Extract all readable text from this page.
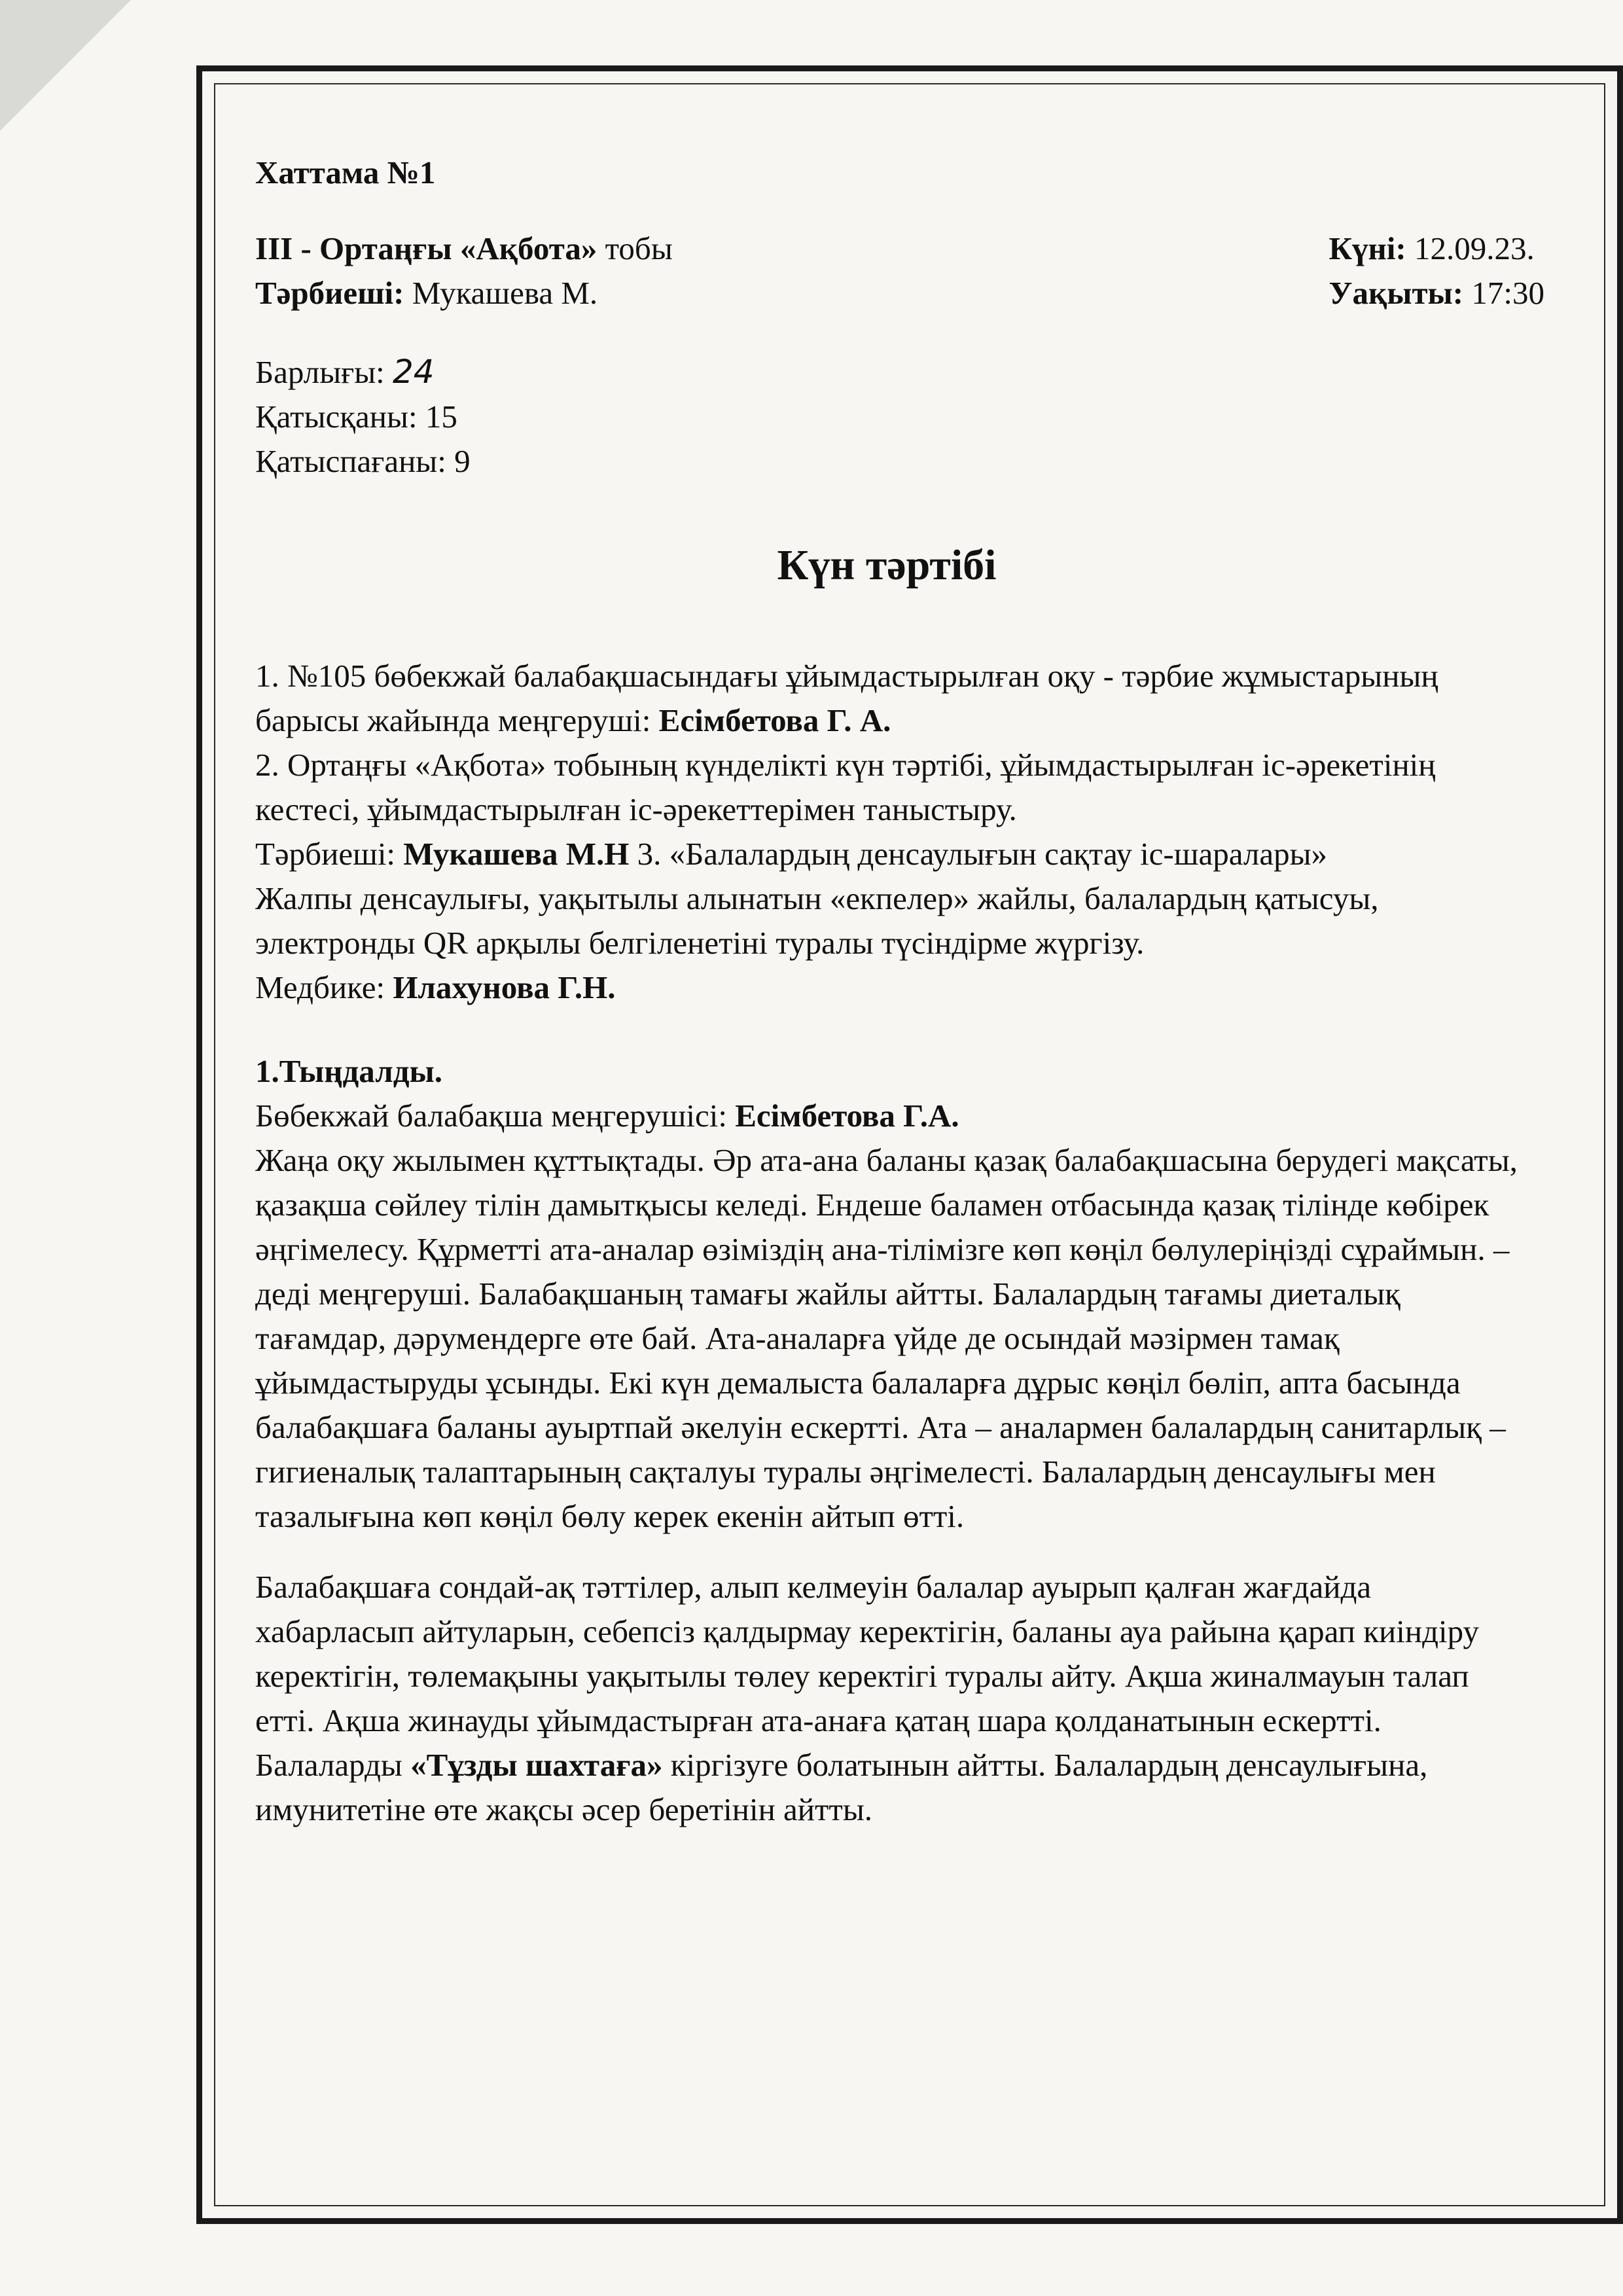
Хаттама №1
III - Ортаңғы «Ақбота» тобы
Тәрбиеші: Мукашева М.
Күні: 12.09.23.
Уақыты: 17:30
Барлығы: 24
Қатысқаны: 15
Қатыспағаны: 9
Күн тәртібі

1. №105 бөбекжай балабақшасындағы ұйымдастырылған оқу - тәрбие жұмыстарының барысы жайында меңгеруші: Есімбетова Г. А.
2. Ортаңғы «Ақбота» тобының күнделікті күн тәртібі, ұйымдастырылған іс-әрекетінің кестесі, ұйымдастырылған іс-әрекеттерімен таныстыру.
Тәрбиеші: Мукашева М.Н 3. «Балалардың денсаулығын сақтау іс-шаралары»
Жалпы денсаулығы, уақытылы алынатын «екпелер» жайлы, балалардың қатысуы, электронды QR арқылы белгіленетіні туралы түсіндірме жүргізу.
Медбике: Илахунова Г.Н.

1.Тыңдалды.
Бөбекжай балабақша меңгерушісі: Есімбетова Г.А.

Жаңа оқу жылымен құттықтады. Әр ата-ана баланы қазақ балабақшасына берудегі мақсаты, қазақша сөйлеу тілін дамытқысы келеді. Ендеше баламен отбасында қазақ тілінде көбірек әңгімелесу. Құрметті ата-аналар өзіміздің ана-тілімізге көп көңіл бөлулеріңізді сұраймын. – деді меңгеруші. Балабақшаның тамағы жайлы айтты. Балалардың тағамы диеталық тағамдар, дәрумендерге өте бай. Ата-аналарға үйде де осындай мәзірмен тамақ ұйымдастыруды ұсынды. Екі күн демалыста балаларға дұрыс көңіл бөліп, апта басында балабақшаға баланы ауыртпай әкелуін ескертті. Ата – аналармен балалардың санитарлық – гигиеналық талаптарының сақталуы туралы әңгімелесті. Балалардың денсаулығы мен тазалығына көп көңіл бөлу керек екенін айтып өтті.

Балабақшаға сондай-ақ тәттілер, алып келмеуін балалар ауырып қалған жағдайда хабарласып айтуларын, себепсіз қалдырмау керектігін, баланы ауа райына қарап киіндіру керектігін, төлемақыны уақытылы төлеу керектігі туралы айту. Ақша жиналмауын талап етті. Ақша жинауды ұйымдастырған ата-анаға қатаң шара қолданатынын ескертті.

Балаларды «Тұзды шахтаға» кіргізуге болатынын айтты. Балалардың денсаулығына, имунитетіне өте жақсы әсер беретінін айтты.
